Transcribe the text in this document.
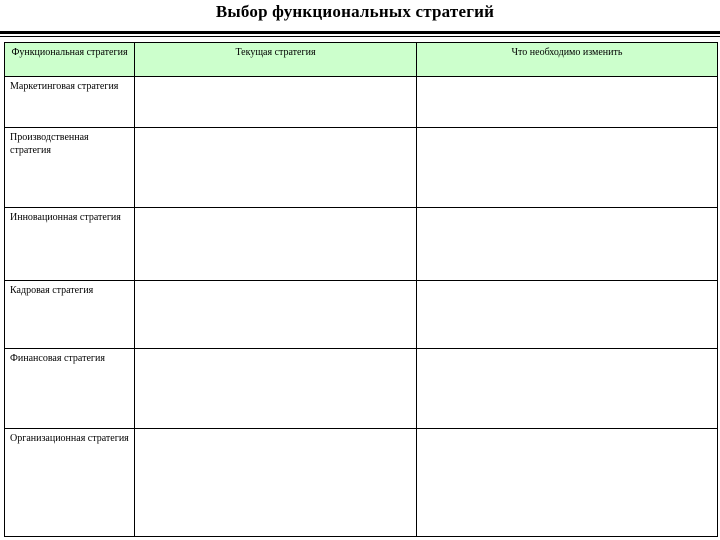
Выбор функциональных стратегий
Функциональная стратегия	Текущая стратегия	Что необходимо изменить
Маркетинговая стратегия		
Производственная стратегия		
Инновационная стратегия		
Кадровая стратегия		
Финансовая стратегия		
Организационная стратегия		
